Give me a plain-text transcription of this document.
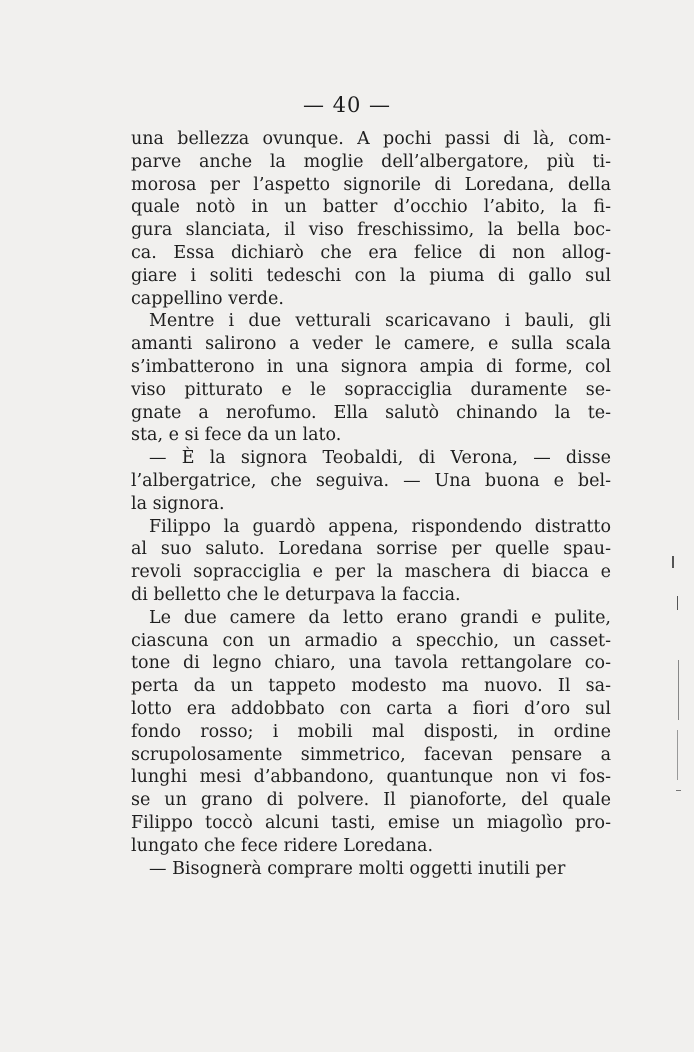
— 40 —
una bellezza ovunque. A pochi passi di là, com-
parve anche la moglie dell’albergatore, più ti-
morosa per l’aspetto signorile di Loredana, della
quale notò in un batter d’occhio l’abito, la fi-
gura slanciata, il viso freschissimo, la bella boc-
ca. Essa dichiarò che era felice di non allog-
giare i soliti tedeschi con la piuma di gallo sul
cappellino verde.
Mentre i due vetturali scaricavano i bauli, gli
amanti salirono a veder le camere, e sulla scala
s’imbatterono in una signora ampia di forme, col
viso pitturato e le sopracciglia duramente se-
gnate a nerofumo. Ella salutò chinando la te-
sta, e si fece da un lato.
— È la signora Teobaldi, di Verona, — disse
l’albergatrice, che seguiva. — Una buona e bel-
la signora.
Filippo la guardò appena, rispondendo distratto
al suo saluto. Loredana sorrise per quelle spau-
revoli sopracciglia e per la maschera di biacca e
di belletto che le deturpava la faccia.
Le due camere da letto erano grandi e pulite,
ciascuna con un armadio a specchio, un casset-
tone di legno chiaro, una tavola rettangolare co-
perta da un tappeto modesto ma nuovo. Il sa-
lotto era addobbato con carta a fiori d’oro sul
fondo rosso; i mobili mal disposti, in ordine
scrupolosamente simmetrico, facevan pensare a
lunghi mesi d’abbandono, quantunque non vi fos-
se un grano di polvere. Il pianoforte, del quale
Filippo toccò alcuni tasti, emise un miagolìo pro-
lungato che fece ridere Loredana.
— Bisognerà comprare molti oggetti inutili per
